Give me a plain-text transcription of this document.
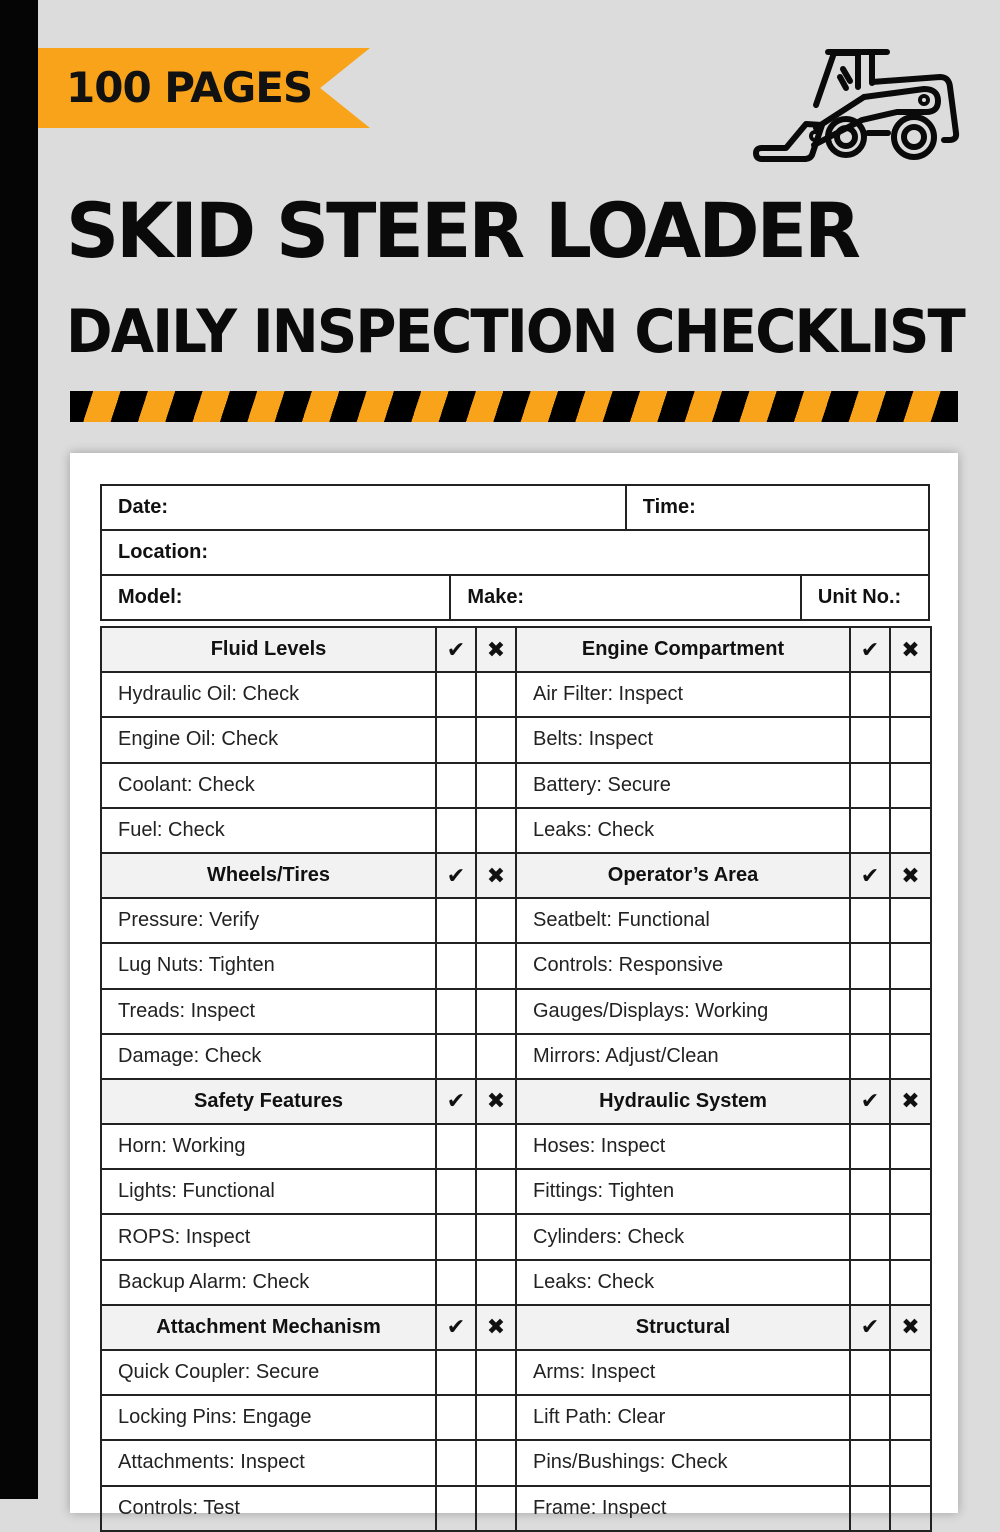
100 PAGES
SKID STEER LOADER
DAILY INSPECTION CHECKLIST
Date:		Time:	
Location:			
Model:	Make:		Unit No.:
Fluid Levels	✔	✖	Engine Compartment	✔	✖
Hydraulic Oil: Check			Air Filter: Inspect		
Engine Oil: Check			Belts: Inspect		
Coolant: Check			Battery: Secure		
Fuel: Check			Leaks: Check		
Wheels/Tires	✔	✖	Operator’s Area	✔	✖
Pressure: Verify			Seatbelt: Functional		
Lug Nuts: Tighten			Controls: Responsive		
Treads: Inspect			Gauges/Displays: Working		
Damage: Check			Mirrors: Adjust/Clean		
Safety Features	✔	✖	Hydraulic System	✔	✖
Horn: Working			Hoses: Inspect		
Lights: Functional			Fittings: Tighten		
ROPS: Inspect			Cylinders: Check		
Backup Alarm: Check			Leaks: Check		
Attachment Mechanism	✔	✖	Structural	✔	✖
Quick Coupler: Secure			Arms: Inspect		
Locking Pins: Engage			Lift Path: Clear		
Attachments: Inspect			Pins/Bushings: Check		
Controls: Test			Frame: Inspect		
